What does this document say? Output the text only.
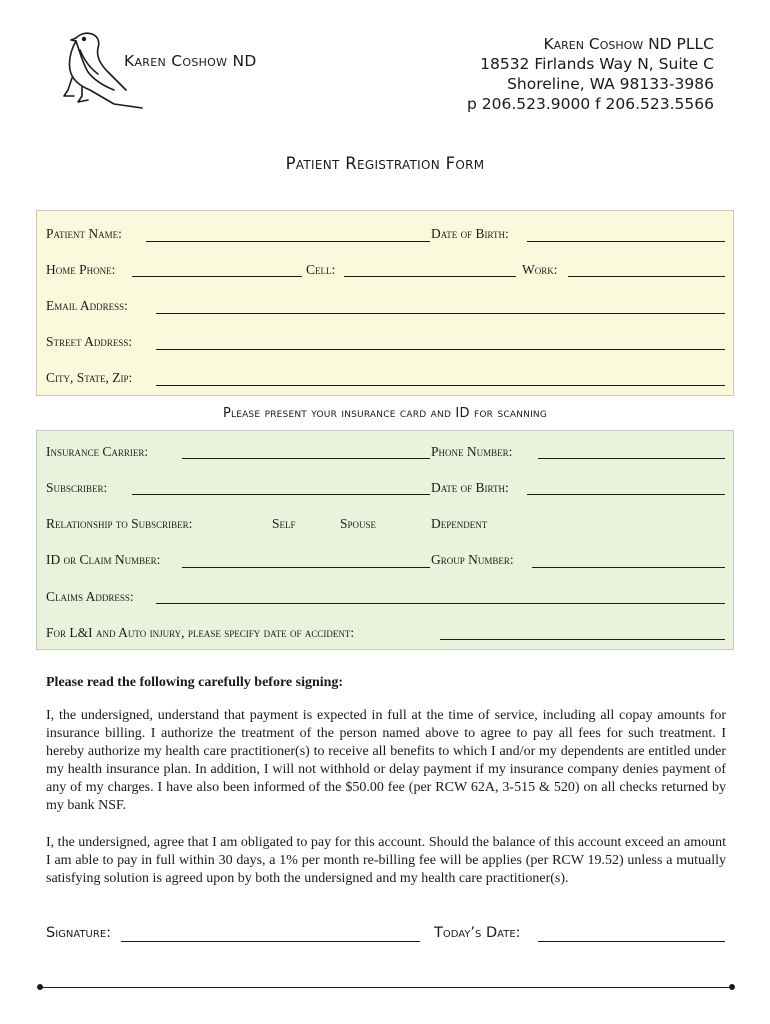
Karen Coshow ND
Karen Coshow ND PLLC
18532 Firlands Way N, Suite C
Shoreline, WA 98133-3986
p 206.523.9000 f 206.523.5566
Patient Registration Form
Patient Name:	Date of Birth:
Home Phone:	Cell:	Work:
Email Address:
Street Address:
City, State, Zip:
Please present your insurance card and ID for scanning
Insurance Carrier:	Phone Number:
Subscriber:	Date of Birth:
Relationship to Subscriber:	Self	Spouse	Dependent
ID or Claim Number:	Group Number:
Claims Address:
For L&I and Auto injury, please specify date of accident:
Please read the following carefully before signing:
I, the undersigned, understand that payment is expected in full at the time of service, including all copay amounts for insurance billing. I authorize the treatment of the person named above to agree to pay all fees for such treatment. I hereby authorize my health care practitioner(s) to receive all benefits to which I and/or my dependents are entitled under my health insurance plan. In addition, I will not withhold or delay payment if my insurance company denies payment of any of my charges. I have also been informed of the $50.00 fee (per RCW 62A, 3-515 & 520) on all checks returned by my bank NSF.
I, the undersigned, agree that I am obligated to pay for this account. Should the balance of this account exceed an amount I am able to pay in full within 30 days, a 1% per month re-billing fee will be applies (per RCW 19.52) unless a mutually satisfying solution is agreed upon by both the undersigned and my health care practitioner(s).
Signature:	Today’s Date:
